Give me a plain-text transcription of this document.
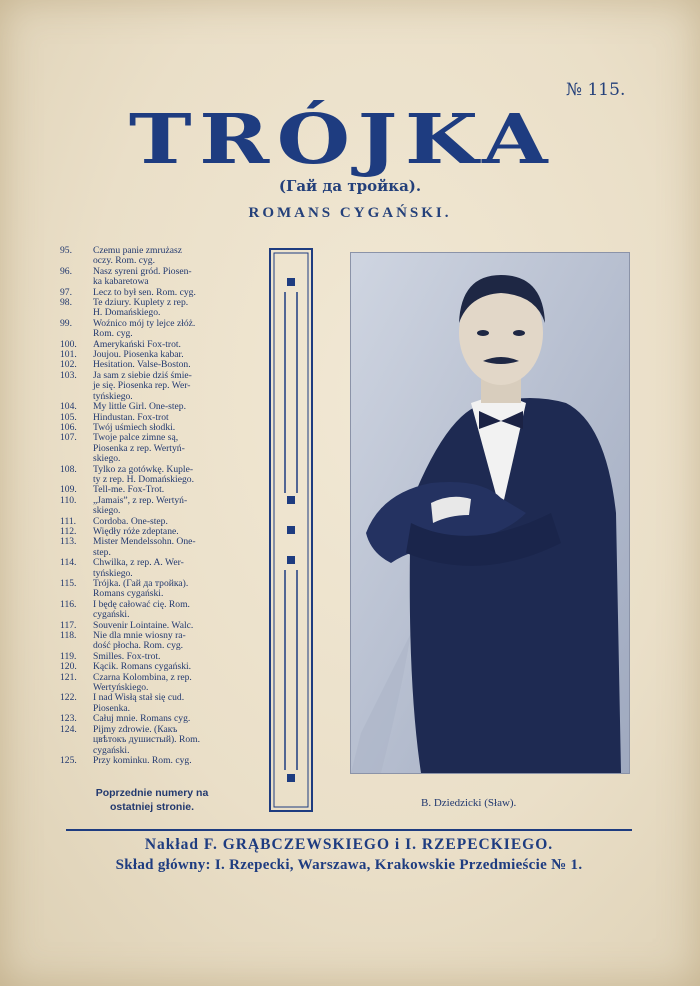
№ 115.
TRÓJKA
(Гай да тройка).
ROMANS CYGAŃSKI.
95.	Czemu panie zmrużasz
oczy. Rom. cyg.
96.	Nasz syreni gród. Piosen-
ka kabaretowa
97.	Lecz to był sen. Rom. cyg.
98.	Te dziury. Kuplety z rep.
H. Domańskiego.
99.	Woźnico mój ty lejce złóż.
Rom. cyg.
100.	Amerykański Fox-trot.
101.	Joujou. Piosenka kabar.
102.	Hesitation. Valse-Boston.
103.	Ja sam z siebie dziś śmie-
je się. Piosenka rep. Wer-
tyńskiego.
104.	My little Girl. One-step.
105.	Hindustan. Fox-trot
106.	Twój uśmiech słodki.
107.	Twoje palce zimne są,
Piosenka z rep. Wertyń-
skiego.
108.	Tylko za gotówkę. Kuple-
ty z rep. H. Domańskiego.
109.	Tell-me. Fox-Trot.
110.	„Jamais”, z rep. Wertyń-
skiego.
111.	Cordoba. One-step.
112.	Więdły róże zdeptane.
113.	Mister Mendelssohn. One-
step.
114.	Chwilka, z rep. A. Wer-
tyńskiego.
115.	Trójka. (Гай да тройка).
Romans cygański.
116.	I będę całować cię. Rom.
cygański.
117.	Souvenir Lointaine. Walc.
118.	Nie dla mnie wiosny ra-
dość płocha. Rom. cyg.
119.	Smilles. Fox-trot.
120.	Kącik. Romans cygański.
121.	Czarna Kolombina, z rep.
Wertyńskiego.
122.	I nad Wisłą stał się cud.
Piosenka.
123.	Całuj mnie. Romans cyg.
124.	Pijmy zdrowie. (Какъ
цвѣтокъ душистый). Rom.
cygański.
125.	Przy kominku. Rom. cyg.
Poprzednie numery na
ostatniej stronie.	B. Dziedzicki (Sław).
Nakład F. GRĄBCZEWSKIEGO i I. RZEPECKIEGO.
Skład główny: I. Rzepecki, Warszawa, Krakowskie Przedmieście № 1.
